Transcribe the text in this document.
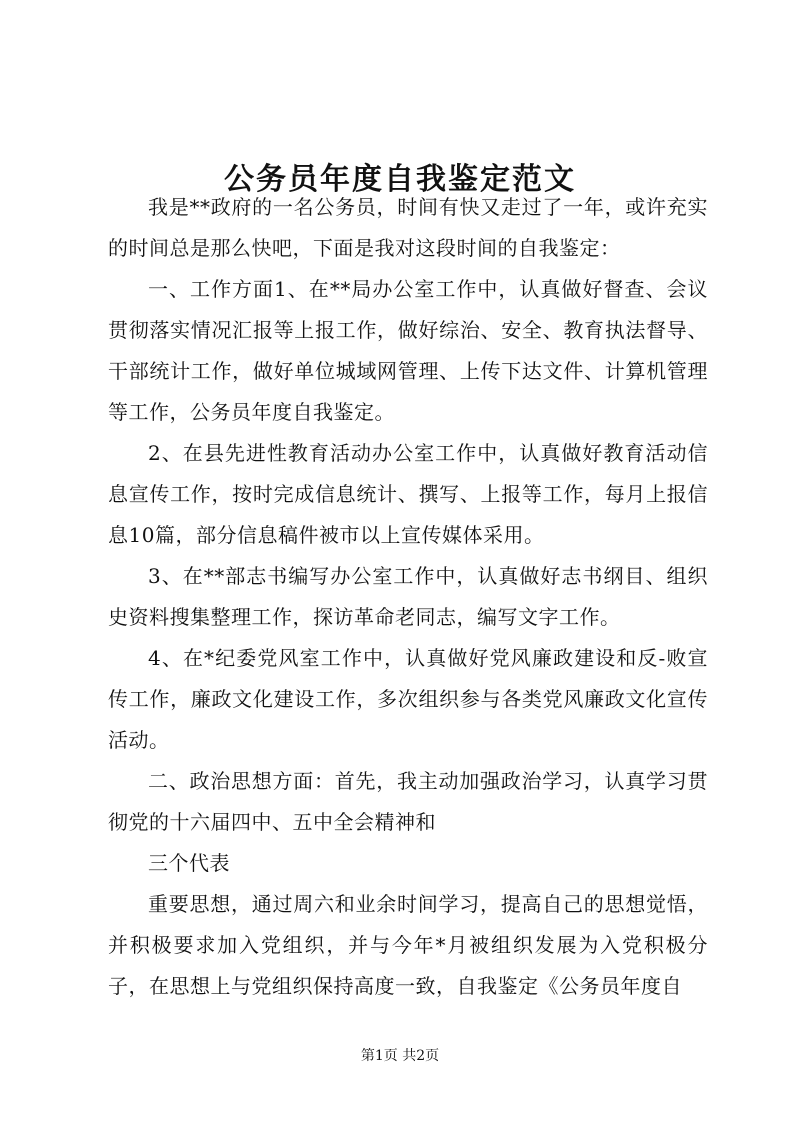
公务员年度自我鉴定范文

我是**政府的一名公务员，时间有快又走过了一年，或许充实的时间总是那么快吧，下面是我对这段时间的自我鉴定：

一、工作方面1、在**局办公室工作中，认真做好督查、会议贯彻落实情况汇报等上报工作，做好综治、安全、教育执法督导、干部统计工作，做好单位城域网管理、上传下达文件、计算机管理等工作，公务员年度自我鉴定。

2、在县先进性教育活动办公室工作中，认真做好教育活动信息宣传工作，按时完成信息统计、撰写、上报等工作，每月上报信息10篇，部分信息稿件被市以上宣传媒体采用。

3、在**部志书编写办公室工作中，认真做好志书纲目、组织史资料搜集整理工作，探访革命老同志，编写文字工作。

4、在*纪委党风室工作中，认真做好党风廉政建设和反-败宣传工作，廉政文化建设工作，多次组织参与各类党风廉政文化宣传活动。

二、政治思想方面：首先，我主动加强政治学习，认真学习贯彻党的十六届四中、五中全会精神和

三个代表

重要思想，通过周六和业余时间学习，提高自己的思想觉悟，并积极要求加入党组织，并与今年*月被组织发展为入党积极分子，在思想上与党组织保持高度一致，自我鉴定《公务员年度自

第1页 共2页
